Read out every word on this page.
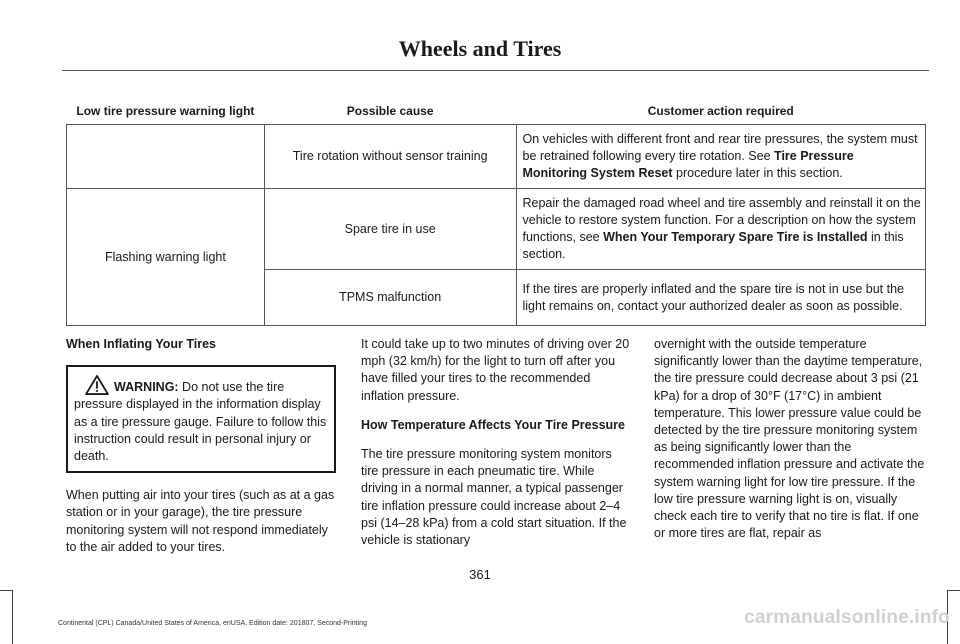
Wheels and Tires
Low tire pressure warning light	Possible cause	Customer action required
	Tire rotation without sensor training	On vehicles with different front and rear tire pressures, the system must be retrained following every tire rotation. See Tire Pressure Monitoring System Reset procedure later in this section.
Flashing warning light	Spare tire in use	Repair the damaged road wheel and tire assembly and reinstall it on the vehicle to restore system function. For a description on how the system functions, see When Your Temporary Spare Tire is Installed in this section.
	TPMS malfunction	If the tires are properly inflated and the spare tire is not in use but the light remains on, contact your authorized dealer as soon as possible.

When Inflating Your Tires

WARNING: Do not use the tire pressure displayed in the information display as a tire pressure gauge. Failure to follow this instruction could result in personal injury or death.

When putting air into your tires (such as at a gas station or in your garage), the tire pressure monitoring system will not respond immediately to the air added to your tires.

It could take up to two minutes of driving over 20 mph (32 km/h) for the light to turn off after you have filled your tires to the recommended inflation pressure.

How Temperature Affects Your Tire Pressure

The tire pressure monitoring system monitors tire pressure in each pneumatic tire. While driving in a normal manner, a typical passenger tire inflation pressure could increase about 2–4 psi (14–28 kPa) from a cold start situation. If the vehicle is stationary

overnight with the outside temperature significantly lower than the daytime temperature, the tire pressure could decrease about 3 psi (21 kPa) for a drop of 30°F (17°C) in ambient temperature. This lower pressure value could be detected by the tire pressure monitoring system as being significantly lower than the recommended inflation pressure and activate the system warning light for low tire pressure. If the low tire pressure warning light is on, visually check each tire to verify that no tire is flat. If one or more tires are flat, repair as

361
Continental (CPL) Canada/United States of America, enUSA, Edition date: 201807, Second-Printing	carmanualsonline.info
